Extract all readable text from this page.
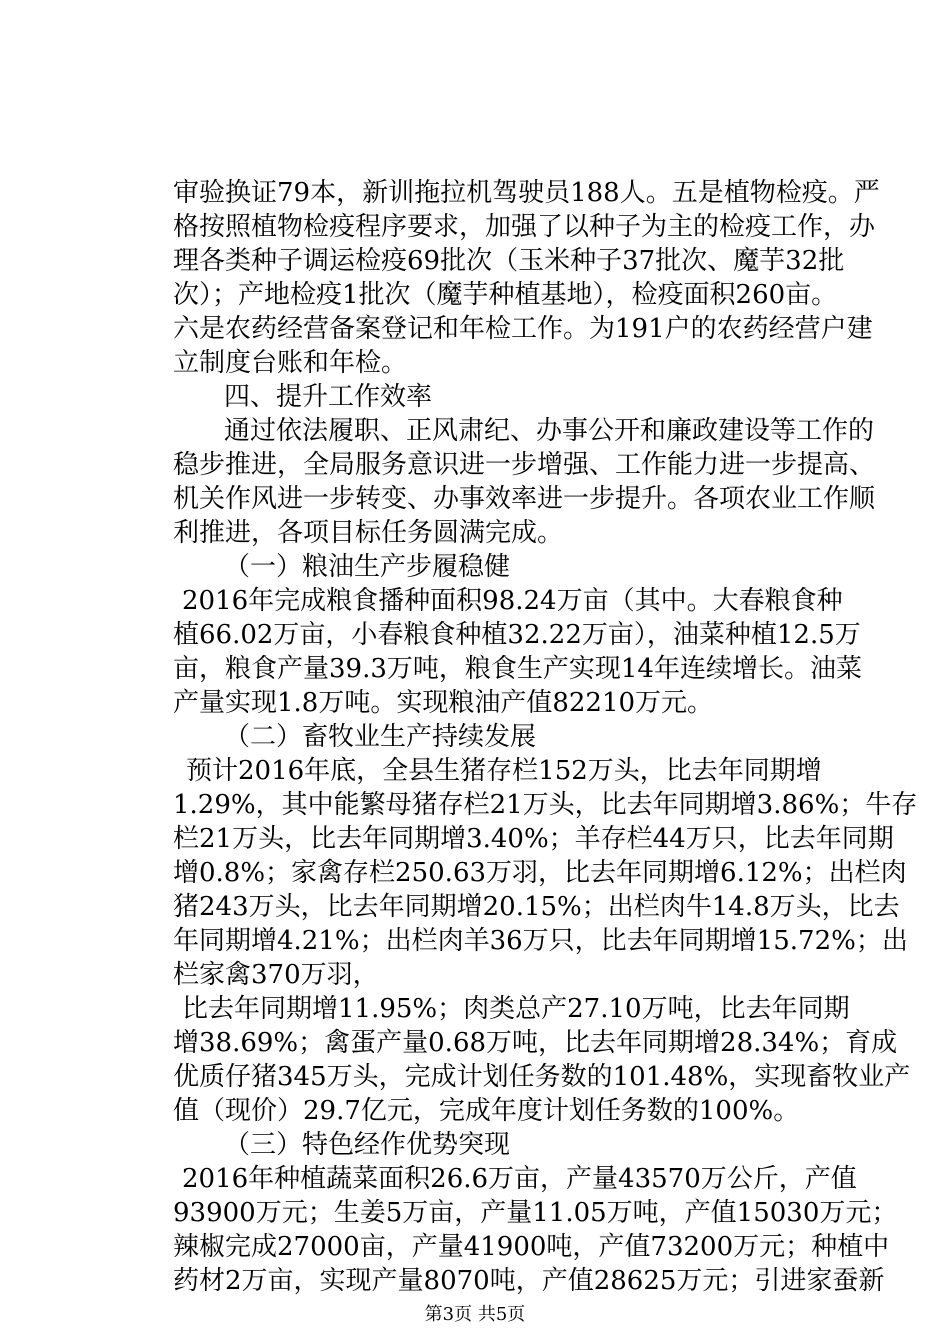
审验换证79本，新训拖拉机驾驶员188人。五是植物检疫。严
格按照植物检疫程序要求，加强了以种子为主的检疫工作，办
理各类种子调运检疫69批次（玉米种子37批次、魔芋32批
次）；产地检疫1批次（魔芋种植基地），检疫面积260亩。
六是农药经营备案登记和年检工作。为191户的农药经营户建
立制度台账和年检。
四、提升工作效率
通过依法履职、正风肃纪、办事公开和廉政建设等工作的
稳步推进，全局服务意识进一步增强、工作能力进一步提高、
机关作风进一步转变、办事效率进一步提升。各项农业工作顺
利推进，各项目标任务圆满完成。
（一）粮油生产步履稳健
2016年完成粮食播种面积98.24万亩（其中。大春粮食种
植66.02万亩，小春粮食种植32.22万亩），油菜种植12.5万
亩，粮食产量39.3万吨，粮食生产实现14年连续增长。油菜
产量实现1.8万吨。实现粮油产值82210万元。
（二）畜牧业生产持续发展
预计2016年底，全县生猪存栏152万头，比去年同期增
1.29%，其中能繁母猪存栏21万头，比去年同期增3.86%；牛存
栏21万头，比去年同期增3.40%；羊存栏44万只，比去年同期
增0.8%；家禽存栏250.63万羽，比去年同期增6.12%；出栏肉
猪243万头，比去年同期增20.15%；出栏肉牛14.8万头，比去
年同期增4.21%；出栏肉羊36万只，比去年同期增15.72%；出
栏家禽370万羽，
比去年同期增11.95%；肉类总产27.10万吨，比去年同期
增38.69%；禽蛋产量0.68万吨，比去年同期增28.34%；育成
优质仔猪345万头，完成计划任务数的101.48%，实现畜牧业产
值（现价）29.7亿元，完成年度计划任务数的100%。
（三）特色经作优势突现
2016年种植蔬菜面积26.6万亩，产量43570万公斤，产值
93900万元；生姜5万亩，产量11.05万吨，产值15030万元；
辣椒完成27000亩，产量41900吨，产值73200万元；种植中
药材2万亩，实现产量8070吨，产值28625万元；引进家蚕新
第3页 共5页
